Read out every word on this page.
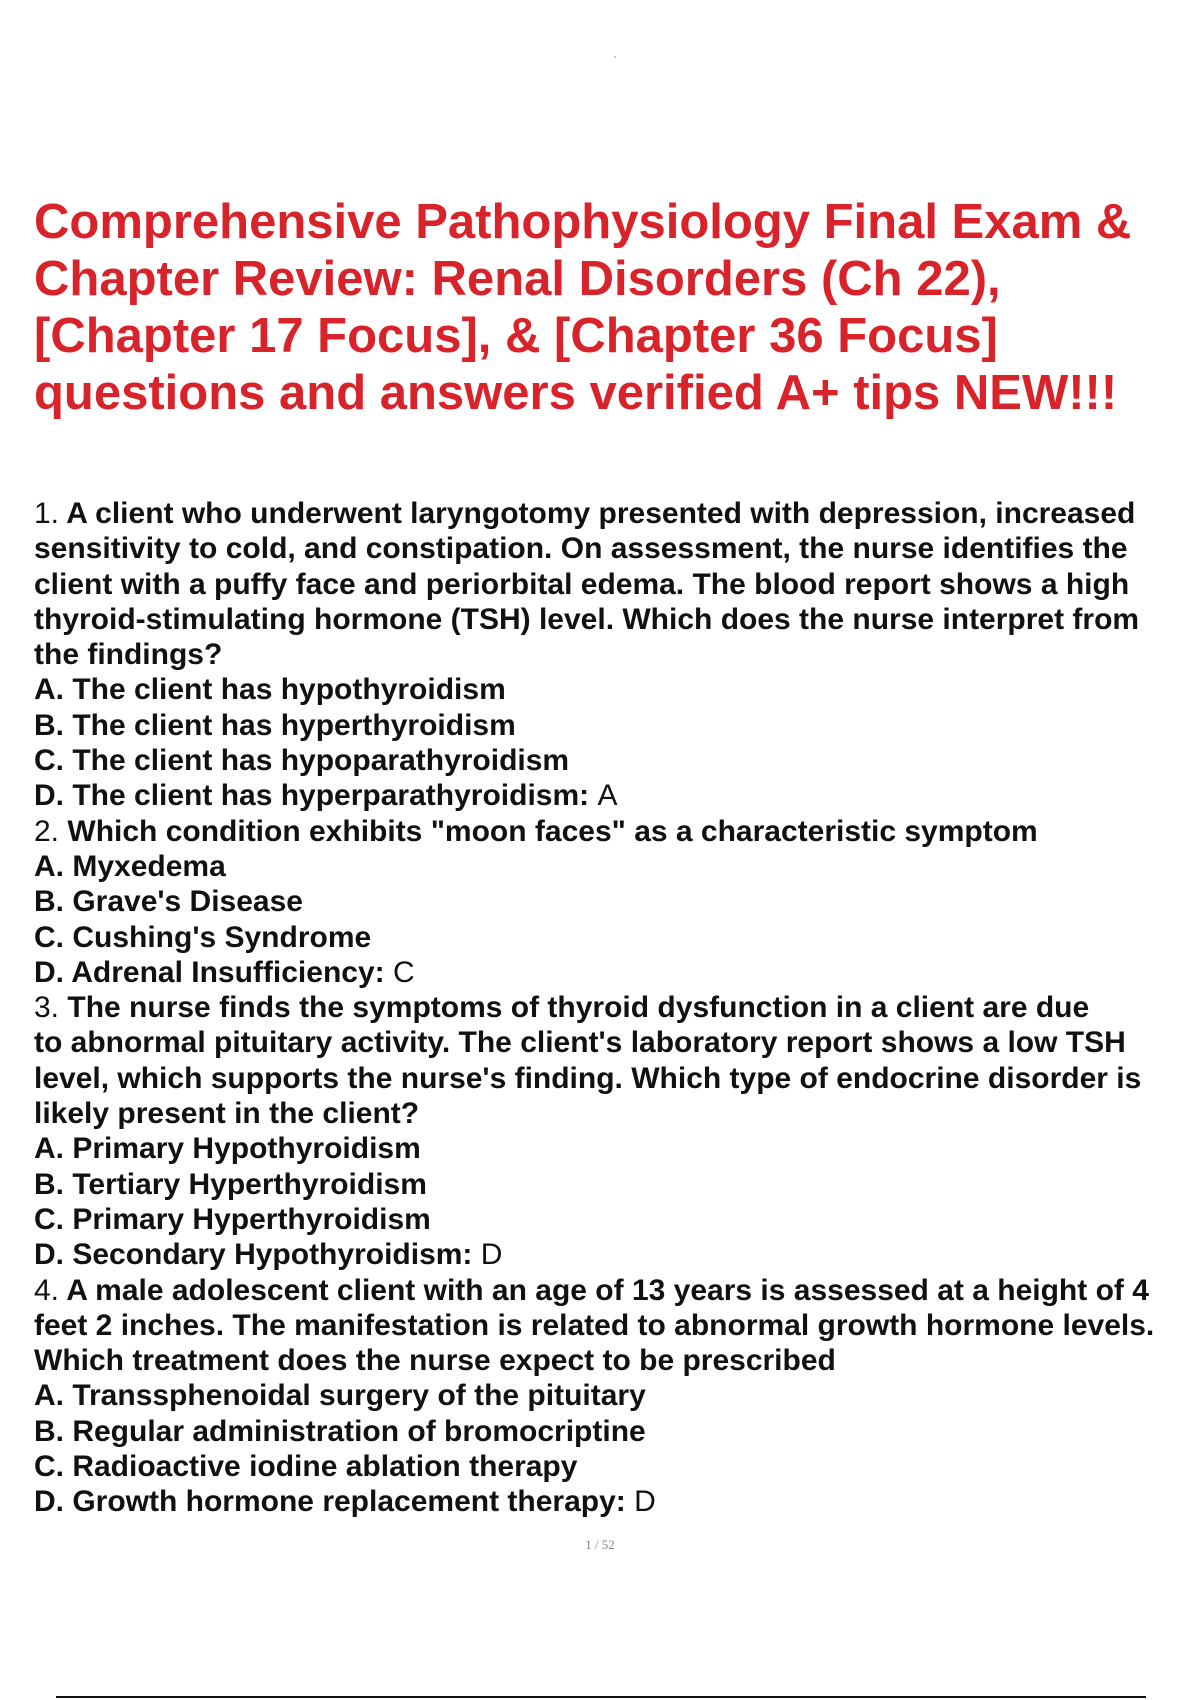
Comprehensive Pathophysiology Final Exam &
Chapter Review: Renal Disorders (Ch 22),
[Chapter 17 Focus], & [Chapter 36 Focus]
questions and answers verified A+ tips NEW!!!
1. A client who underwent laryngotomy presented with depression, increased
sensitivity to cold, and constipation. On assessment, the nurse identifies the
client with a puffy face and periorbital edema. The blood report shows a high
thyroid-stimulating hormone (TSH) level. Which does the nurse interpret from
the findings?
A. The client has hypothyroidism
B. The client has hyperthyroidism
C. The client has hypoparathyroidism
D. The client has hyperparathyroidism: A
2. Which condition exhibits "moon faces" as a characteristic symptom
A. Myxedema
B. Grave's Disease
C. Cushing's Syndrome
D. Adrenal Insufficiency: C
3. The nurse finds the symptoms of thyroid dysfunction in a client are due
to abnormal pituitary activity. The client's laboratory report shows a low TSH
level, which supports the nurse's finding. Which type of endocrine disorder is
likely present in the client?
A. Primary Hypothyroidism
B. Tertiary Hyperthyroidism
C. Primary Hyperthyroidism
D. Secondary Hypothyroidism: D
4. A male adolescent client with an age of 13 years is assessed at a height of 4
feet 2 inches. The manifestation is related to abnormal growth hormone levels.
Which treatment does the nurse expect to be prescribed
A. Transsphenoidal surgery of the pituitary
B. Regular administration of bromocriptine
C. Radioactive iodine ablation therapy
D. Growth hormone replacement therapy: D
1 / 52
